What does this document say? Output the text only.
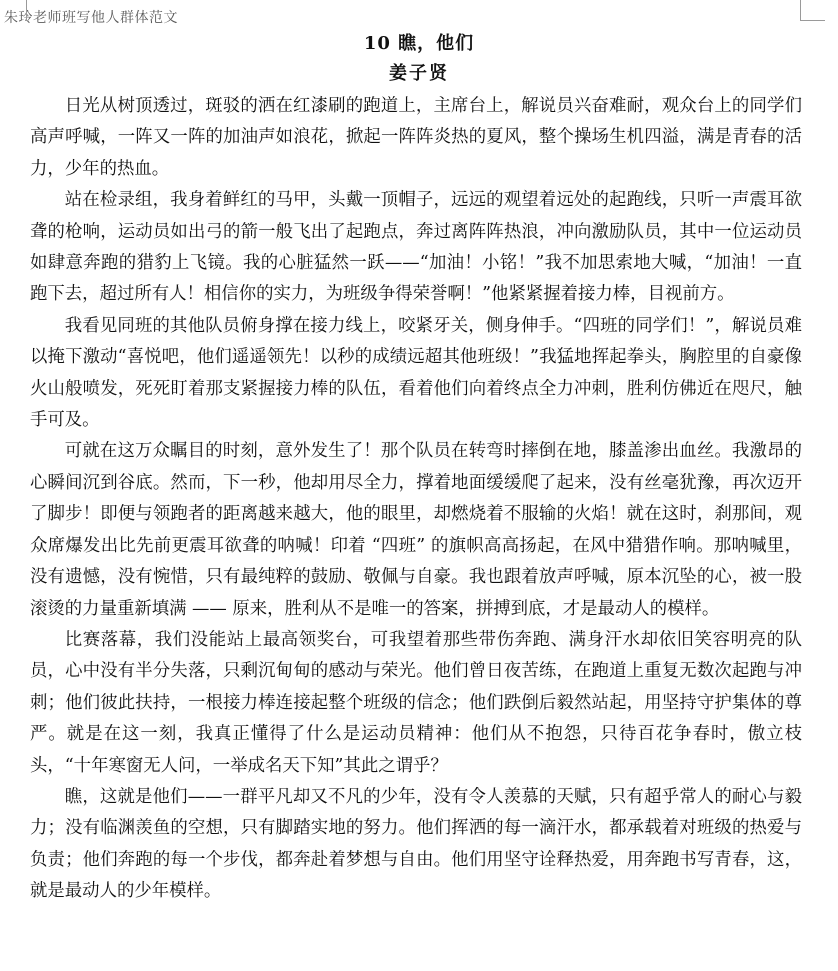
朱玲老师班写他人群体范文
10 瞧，他们
姜子贤

日光从树顶透过，斑驳的洒在红漆刷的跑道上，主席台上，解说员兴奋难耐，观众台上的同学们高声呼喊，一阵又一阵的加油声如浪花，掀起一阵阵炎热的夏风，整个操场生机四溢，满是青春的活力，少年的热血。

站在检录组，我身着鲜红的马甲，头戴一顶帽子，远远的观望着远处的起跑线，只听一声震耳欲聋的枪响，运动员如出弓的箭一般飞出了起跑点，奔过离阵阵热浪，冲向激励队员，其中一位运动员如肆意奔跑的猎豹上飞镜。我的心脏猛然一跃——“加油！小铭！”我不加思索地大喊，“加油！一直跑下去，超过所有人！相信你的实力，为班级争得荣誉啊！”他紧紧握着接力棒，目视前方。

我看见同班的其他队员俯身撑在接力线上，咬紧牙关，侧身伸手。“四班的同学们！”，解说员难以掩下激动“喜悦吧，他们遥遥领先！以秒的成绩远超其他班级！”我猛地挥起拳头，胸腔里的自豪像火山般喷发，死死盯着那支紧握接力棒的队伍，看着他们向着终点全力冲刺，胜利仿佛近在咫尺，触手可及。

可就在这万众瞩目的时刻，意外发生了！那个队员在转弯时摔倒在地，膝盖渗出血丝。我激昂的心瞬间沉到谷底。然而，下一秒，他却用尽全力，撑着地面缓缓爬了起来，没有丝毫犹豫，再次迈开了脚步！即便与领跑者的距离越来越大，他的眼里，却燃烧着不服输的火焰！就在这时，刹那间，观众席爆发出比先前更震耳欲聋的呐喊！印着 “四班” 的旗帜高高扬起，在风中猎猎作响。那呐喊里，没有遗憾，没有惋惜，只有最纯粹的鼓励、敬佩与自豪。我也跟着放声呼喊，原本沉坠的心，被一股滚烫的力量重新填满 —— 原来，胜利从不是唯一的答案，拼搏到底，才是最动人的模样。

比赛落幕，我们没能站上最高领奖台，可我望着那些带伤奔跑、满身汗水却依旧笑容明亮的队员，心中没有半分失落，只剩沉甸甸的感动与荣光。他们曾日夜苦练，在跑道上重复无数次起跑与冲刺；他们彼此扶持，一根接力棒连接起整个班级的信念；他们跌倒后毅然站起，用坚持守护集体的尊严。就是在这一刻，我真正懂得了什么是运动员精神：他们从不抱怨，只待百花争春时，傲立枝头，“十年寒窗无人问，一举成名天下知”其此之谓乎？

瞧，这就是他们——一群平凡却又不凡的少年，没有令人羡慕的天赋，只有超乎常人的耐心与毅力；没有临渊羡鱼的空想，只有脚踏实地的努力。他们挥洒的每一滴汗水，都承载着对班级的热爱与负责；他们奔跑的每一个步伐，都奔赴着梦想与自由。他们用坚守诠释热爱，用奔跑书写青春，这，就是最动人的少年模样。
